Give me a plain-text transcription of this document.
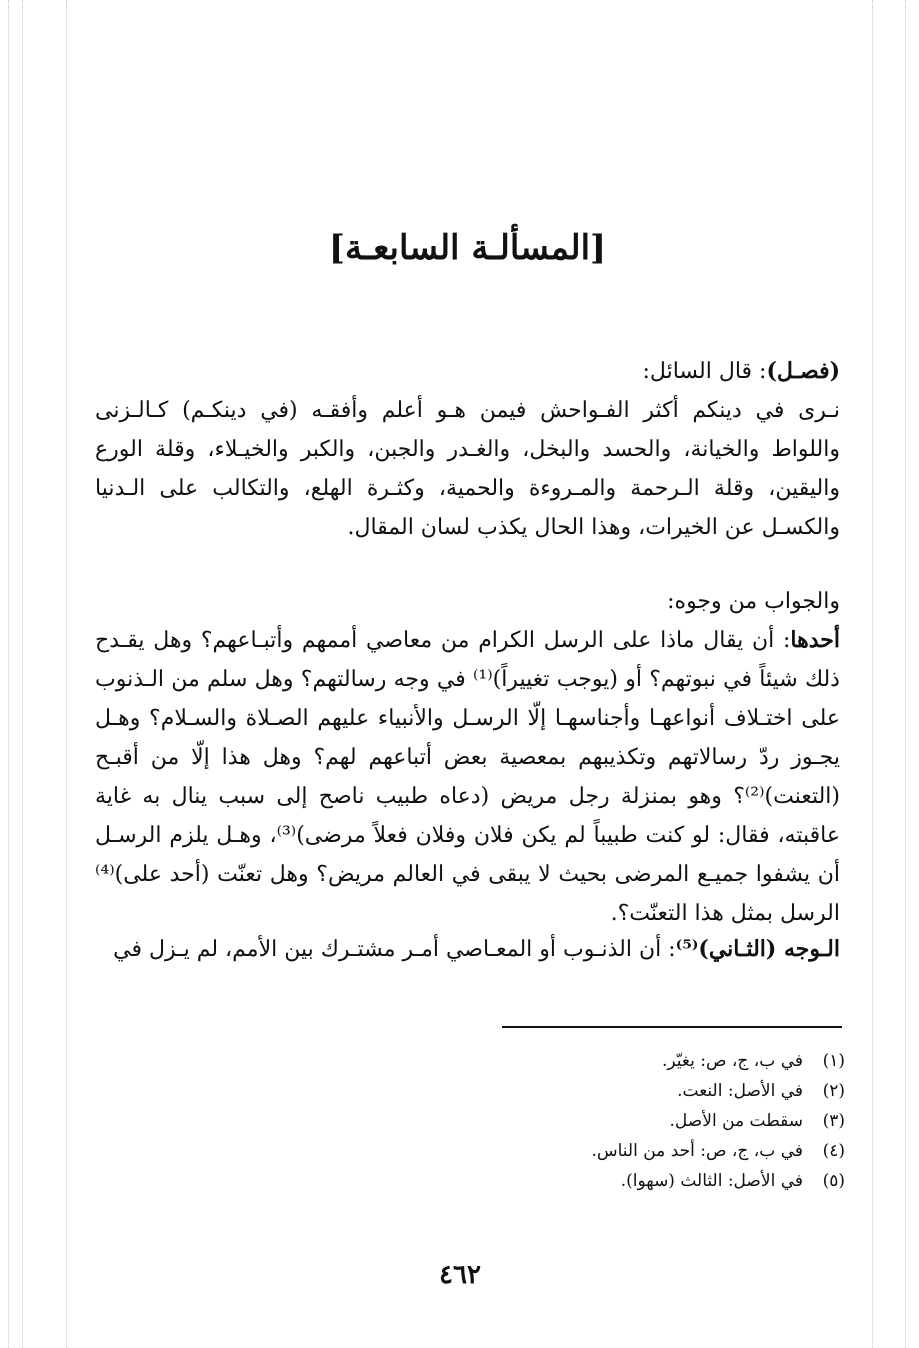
[المسألـة السابعـة]
(فصـل): قال السائل:
نـرى في دينكم أكثر الفـواحش فيمن هـو أعلم وأفقـه (في دينكـم) كـالـزنى واللواط والخيانة، والحسد والبخل، والغـدر والجبن، والكبر والخيـلاء، وقلة الورع واليقين، وقلة الـرحمة والمـروءة والحمية، وكثـرة الهلع، والتكالب على الـدنيا والكسـل عن الخيرات، وهذا الحال يكذب لسان المقال.
والجواب من وجوه:
أحدها: أن يقال ماذا على الرسل الكرام من معاصي أممهم وأتبـاعهم؟ وهل يقـدح ذلك شيئاً في نبوتهم؟ أو (يوجب تغييراً)⁽¹⁾ في وجه رسالتهم؟ وهل سلم من الـذنوب على اختـلاف أنواعهـا وأجناسهـا إلّا الرسـل والأنبياء عليهم الصـلاة والسـلام؟ وهـل يجـوز ردّ رسالاتهم وتكذيبهم بمعصية بعض أتباعهم لهم؟ وهل هذا إلّا من أقبـح (التعنت)⁽²⁾؟ وهو بمنزلة رجل مريض (دعاه طبيب ناصح إلى سبب ينال به غاية عاقبته، فقال: لو كنت طبيباً لم يكن فلان وفلان فعلاً مرضى)⁽³⁾، وهـل يلزم الرسـل أن يشفوا جميـع المرضى بحيث لا يبقى في العالم مريض؟ وهل تعنّت (أحد على)⁽⁴⁾ الرسل بمثل هذا التعنّت؟.
الـوجه (الثـاني)⁽⁵⁾: أن الذنـوب أو المعـاصي أمـر مشتـرك بين الأمم، لم يـزل في
(١)
في ب، ج، ص: يغيّر.
(٢)
في الأصل: النعت.
(٣)
سقطت من الأصل.
(٤)
في ب، ج، ص: أحد من الناس.
(٥)
في الأصل: الثالث (سهوا).
٤٦٢
